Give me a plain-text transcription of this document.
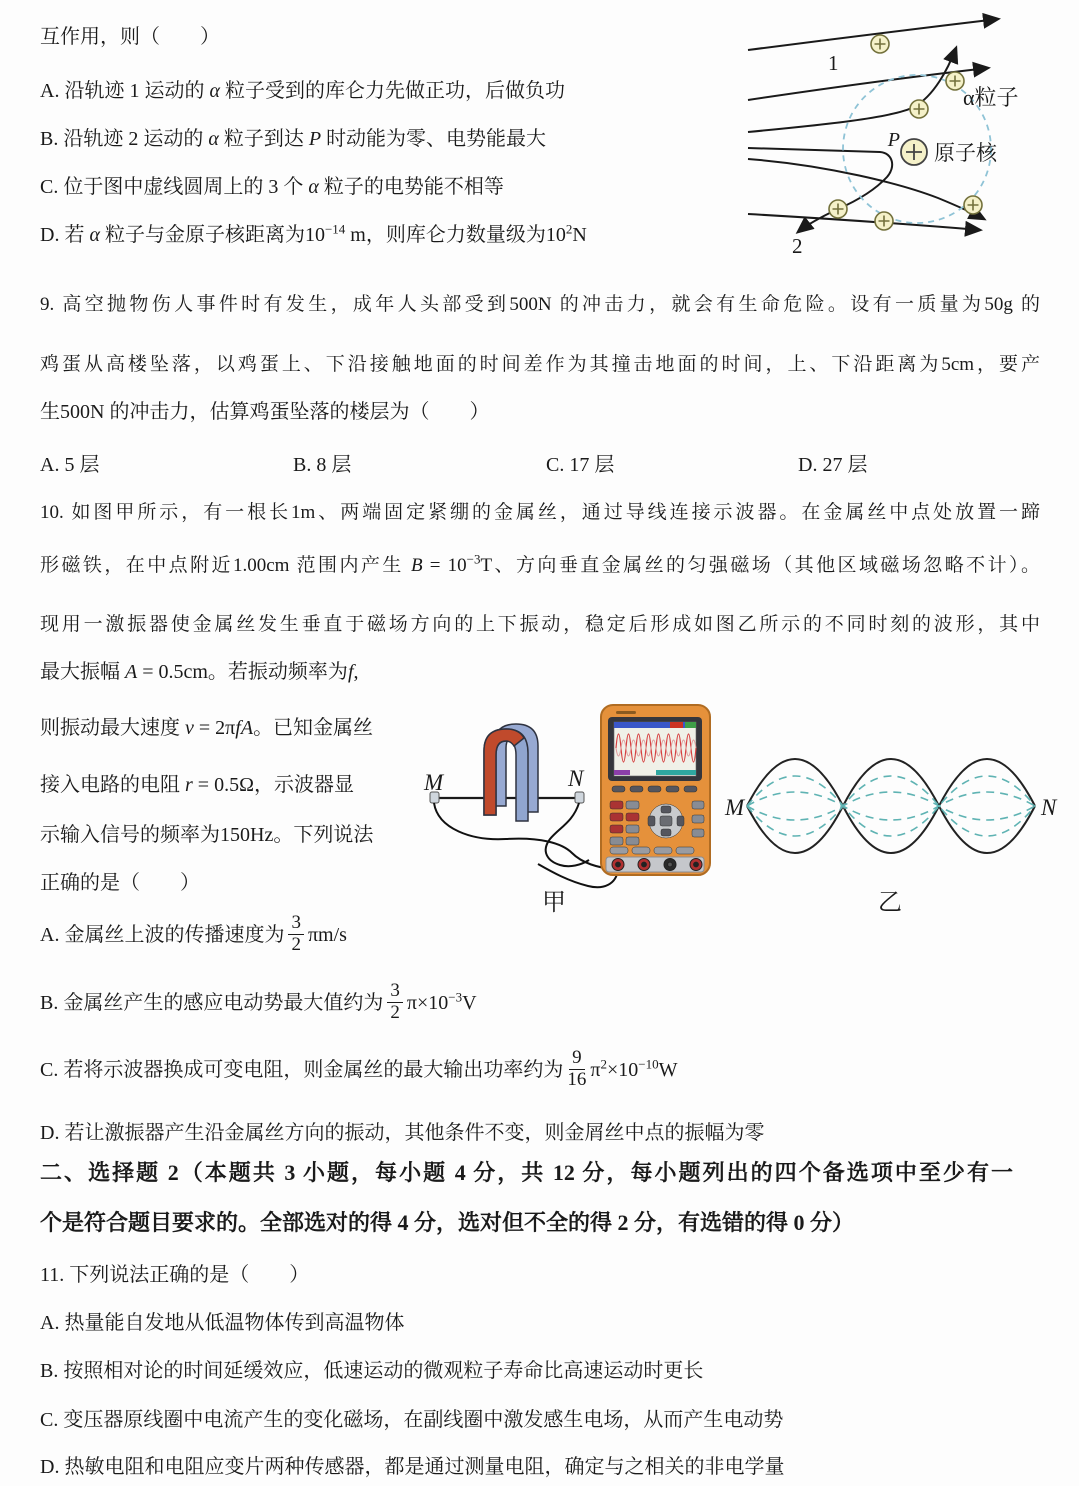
互作用，则（　　）
A. 沿轨迹 1 运动的 α 粒子受到的库仑力先做正功，后做负功
B. 沿轨迹 2 运动的 α 粒子到达 P 时动能为零、电势能最大
C. 位于图中虚线圆周上的 3 个 α 粒子的电势能不相等
D. 若 α 粒子与金原子核距离为$10^{-14}$ m，则库仑力数量级为$10^2N$
1
2
P
α粒子
原子核
9. 高空抛物伤人事件时有发生，成年人头部受到500N 的冲击力，就会有生命危险。设有一质量为50g 的
鸡蛋从高楼坠落，以鸡蛋上、下沿接触地面的时间差作为其撞击地面的时间，上、下沿距离为5cm，要产
生500N 的冲击力，估算鸡蛋坠落的楼层为（　　）
A. 5 层	B. 8 层	C. 17 层	D. 27 层
10. 如图甲所示，有一根长1m、两端固定紧绷的金属丝，通过导线连接示波器。在金属丝中点处放置一蹄
形磁铁，在中点附近1.00cm 范围内产生 $B = 10^{-3}T$、方向垂直金属丝的匀强磁场（其他区域磁场忽略不计）。
现用一激振器使金属丝发生垂直于磁场方向的上下振动，稳定后形成如图乙所示的不同时刻的波形，其中
最大振幅 A = 0.5cm。若振动频率为f,
则振动最大速度 v = 2πfA。已知金属丝
接入电路的电阻 r = 0.5Ω，示波器显
示输入信号的频率为150Hz。下列说法
正确的是（　　）
M	N
M	N
甲	乙
A. 金属丝上波的传播速度为 $\frac{3}{2} \pi m/s$
B. 金属丝产生的感应电动势最大值约为 $\frac{3}{2} \pi\times 10^{-3}V$
C. 若将示波器换成可变电阻，则金属丝的最大输出功率约为 $\frac{9}{16} \pi^2\times 10^{-10}W$
D. 若让激振器产生沿金属丝方向的振动，其他条件不变，则金屑丝中点的振幅为零
二、选择题 2（本题共 3 小题，每小题 4 分，共 12 分，每小题列出的四个备选项中至少有一
个是符合题目要求的。全部选对的得 4 分，选对但不全的得 2 分，有选错的得 0 分）
11. 下列说法正确的是（　　）
A. 热量能自发地从低温物体传到高温物体
B. 按照相对论的时间延缓效应，低速运动的微观粒子寿命比高速运动时更长
C. 变压器原线圈中电流产生的变化磁场，在副线圈中激发感生电场，从而产生电动势
D. 热敏电阻和电阻应变片两种传感器，都是通过测量电阻，确定与之相关的非电学量
